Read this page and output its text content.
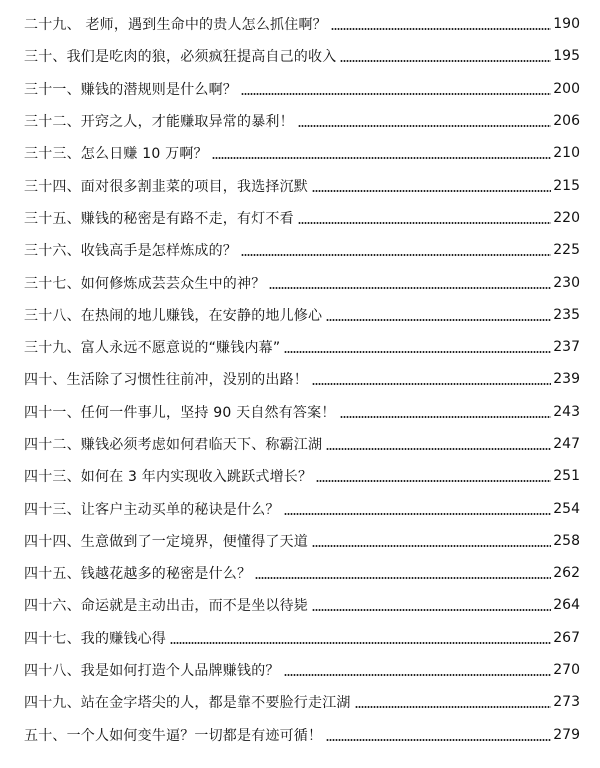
二十九、 老师，遇到生命中的贵人怎么抓住啊？	190
三十、我们是吃肉的狼，必须疯狂提高自己的收入	195
三十一、赚钱的潜规则是什么啊？	200
三十二、开窍之人，才能赚取异常的暴利！	206
三十三、怎么日赚 10 万啊？	210
三十四、面对很多割韭菜的项目，我选择沉默	215
三十五、赚钱的秘密是有路不走，有灯不看	220
三十六、收钱高手是怎样炼成的？	225
三十七、如何修炼成芸芸众生中的神？	230
三十八、在热闹的地儿赚钱，在安静的地儿修心	235
三十九、富人永远不愿意说的“赚钱内幕”	237
四十、生活除了习惯性往前冲，没别的出路！	239
四十一、任何一件事儿，坚持 90 天自然有答案！	243
四十二、赚钱必须考虑如何君临天下、称霸江湖	247
四十三、如何在 3 年内实现收入跳跃式增长？	251
四十三、让客户主动买单的秘诀是什么？	254
四十四、生意做到了一定境界，便懂得了天道	258
四十五、钱越花越多的秘密是什么？	262
四十六、命运就是主动出击，而不是坐以待毙	264
四十七、我的赚钱心得	267
四十八、我是如何打造个人品牌赚钱的？	270
四十九、站在金字塔尖的人，都是靠不要脸行走江湖	273
五十、一个人如何变牛逼？一切都是有迹可循！	279
